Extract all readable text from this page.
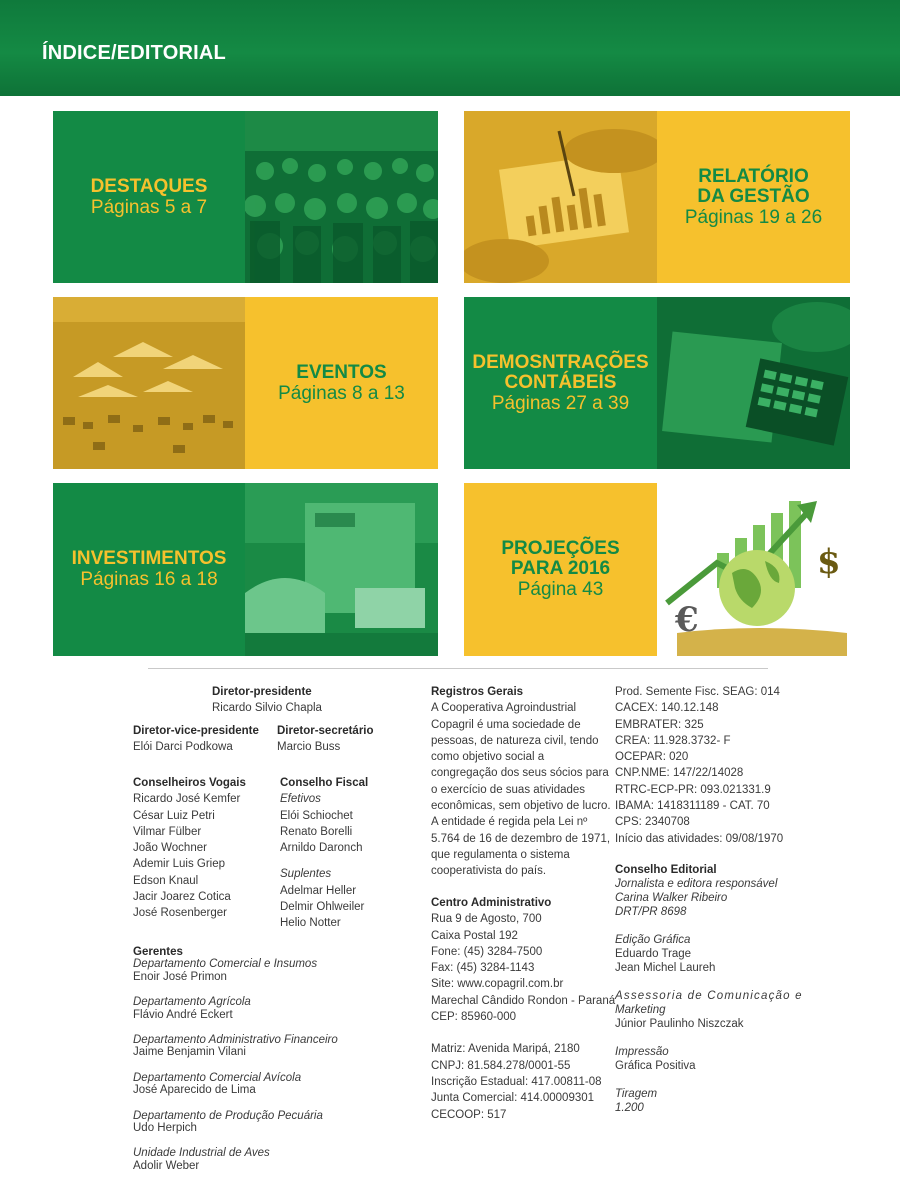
ÍNDICE/EDITORIAL
DESTAQUES
Páginas 5 a 7
RELATÓRIO
DA GESTÃO
Páginas 19 a 26
EVENTOS
Páginas 8 a 13
DEMOSNTRAÇÕES
CONTÁBEIS
Páginas 27 a 39
INVESTIMENTOS
Páginas 16 a 18
PROJEÇÕES
PARA 2016
Página 43
$
€
Diretor-presidente
Ricardo Silvio Chapla
Diretor-vice-presidente
Elói Darci Podkowa
Diretor-secretário
Marcio Buss
Conselheiros Vogais
Ricardo José Kemfer
César Luiz Petri
Vilmar Fülber
João Wochner
Ademir Luis Griep
Edson Knaul
Jacir Joarez Cotica
José Rosenberger
Conselho Fiscal
Efetivos
Elói Schiochet
Renato Borelli
Arnildo Daronch
Suplentes
Adelmar Heller
Delmir Ohlweiler
Helio Notter
Gerentes
Departamento Comercial e Insumos
Enoir José Primon
Departamento Agrícola
Flávio André Eckert
Departamento Administrativo Financeiro
Jaime Benjamin Vilani
Departamento Comercial Avícola
José Aparecido de Lima
Departamento de Produção Pecuária
Udo Herpich
Unidade Industrial de Aves
Adolir Weber
Registros Gerais
A Cooperativa Agroindustrial
Copagril é uma sociedade de
pessoas, de natureza civil, tendo
como objetivo social a
congregação dos seus sócios para
o exercício de suas atividades
econômicas, sem objetivo de lucro.
A entidade é regida pela Lei nº
5.764 de 16 de dezembro de 1971,
que regulamenta o sistema
cooperativista do país.
Centro Administrativo
Rua 9 de Agosto, 700
Caixa Postal 192
Fone: (45) 3284-7500
Fax: (45) 3284-1143
Site: www.copagril.com.br
Marechal Cândido Rondon - Paraná
CEP: 85960-000
Matriz: Avenida Maripá, 2180
CNPJ: 81.584.278/0001-55
Inscrição Estadual: 417.00811-08
Junta Comercial: 414.00009301
CECOOP: 517
Prod. Semente Fisc. SEAG: 014
CACEX: 140.12.148
EMBRATER: 325
CREA: 11.928.3732- F
OCEPAR: 020
CNP.NME: 147/22/14028
RTRC-ECP-PR: 093.021331.9
IBAMA: 1418311189 - CAT. 70
CPS: 2340708
Início das atividades: 09/08/1970
Conselho Editorial
Jornalista e editora responsável
Carina Walker Ribeiro
DRT/PR 8698
Edição Gráfica
Eduardo Trage
Jean Michel Laureh
Assessoria de Comunicação e
Marketing
Júnior Paulinho Niszczak
Impressão
Gráfica Positiva
Tiragem
1.200
